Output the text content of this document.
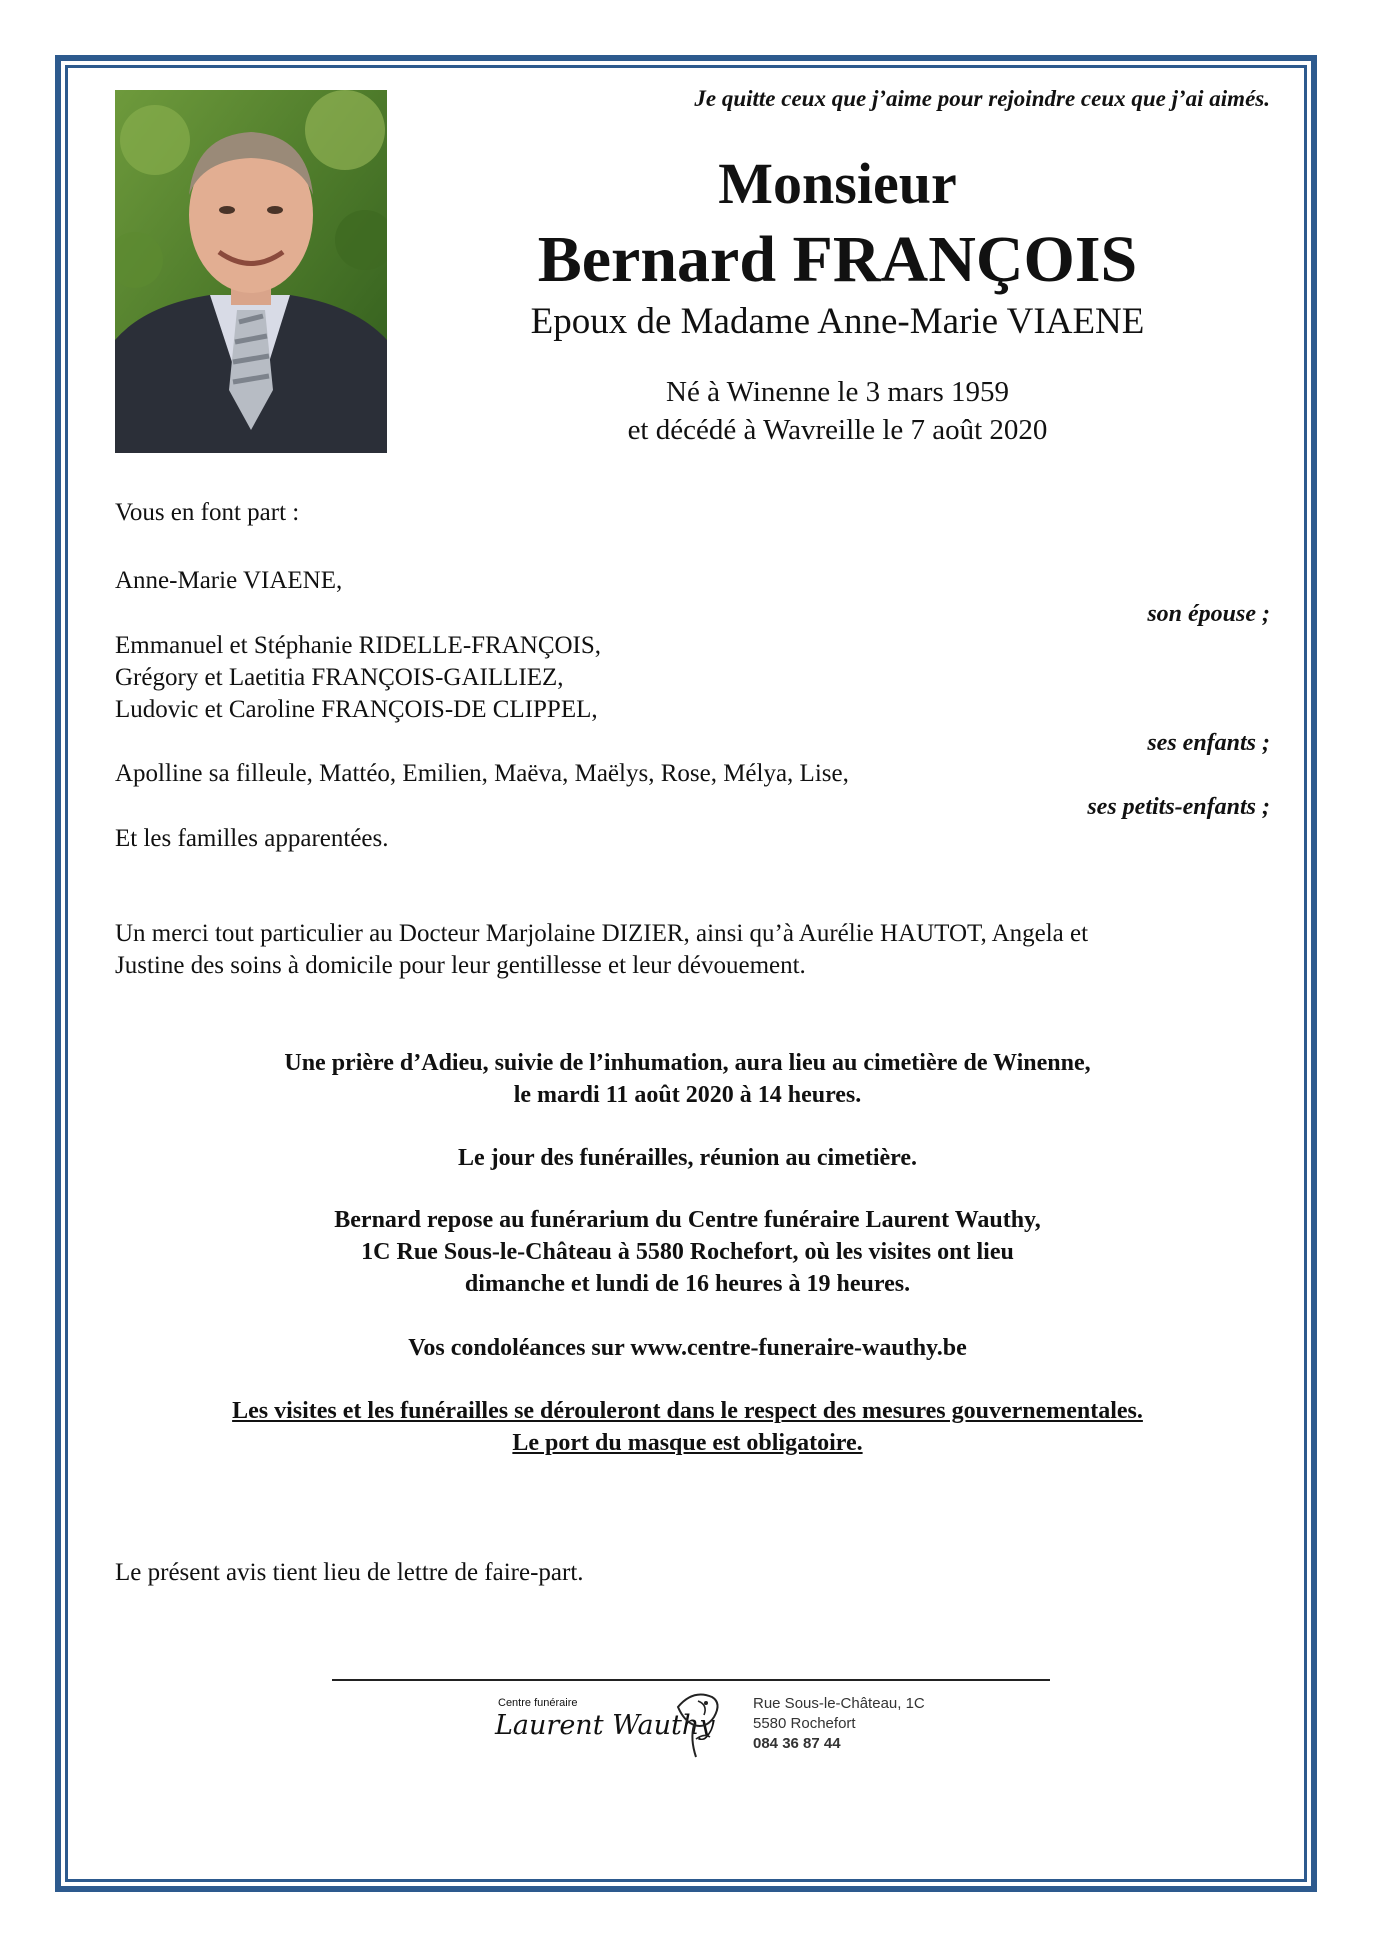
Je quitte ceux que j’aime pour rejoindre ceux que j’ai aimés.
Monsieur
Bernard FRANÇOIS
Epoux de Madame Anne-Marie VIAENE
Né à Winenne le 3 mars 1959
et décédé à Wavreille le 7 août 2020
Vous en font part :
Anne-Marie VIAENE,
son épouse ;
Emmanuel et Stéphanie RIDELLE-FRANÇOIS,
Grégory et Laetitia FRANÇOIS-GAILLIEZ,
Ludovic et Caroline FRANÇOIS-DE CLIPPEL,
ses enfants ;
Apolline sa filleule, Mattéo, Emilien, Maëva, Maëlys, Rose, Mélya, Lise,
ses petits-enfants ;
Et les familles apparentées.
Un merci tout particulier au Docteur Marjolaine DIZIER, ainsi qu’à Aurélie HAUTOT, Angela et
Justine des soins à domicile pour leur gentillesse et leur dévouement.
Une prière d’Adieu, suivie de l’inhumation, aura lieu au cimetière de Winenne,
le mardi 11 août 2020 à 14 heures.
Le jour des funérailles, réunion au cimetière.
Bernard repose au funérarium du Centre funéraire Laurent Wauthy,
1C Rue Sous-le-Château à 5580 Rochefort, où les visites ont lieu
dimanche et lundi de 16 heures à 19 heures.
Vos condoléances sur www.centre-funeraire-wauthy.be
Les visites et les funérailles se dérouleront dans le respect des mesures gouvernementales.
Le port du masque est obligatoire.
Le présent avis tient lieu de lettre de faire-part.
Centre funéraire
Laurent Wauthy
Rue Sous-le-Château, 1C
5580 Rochefort
084 36 87 44
